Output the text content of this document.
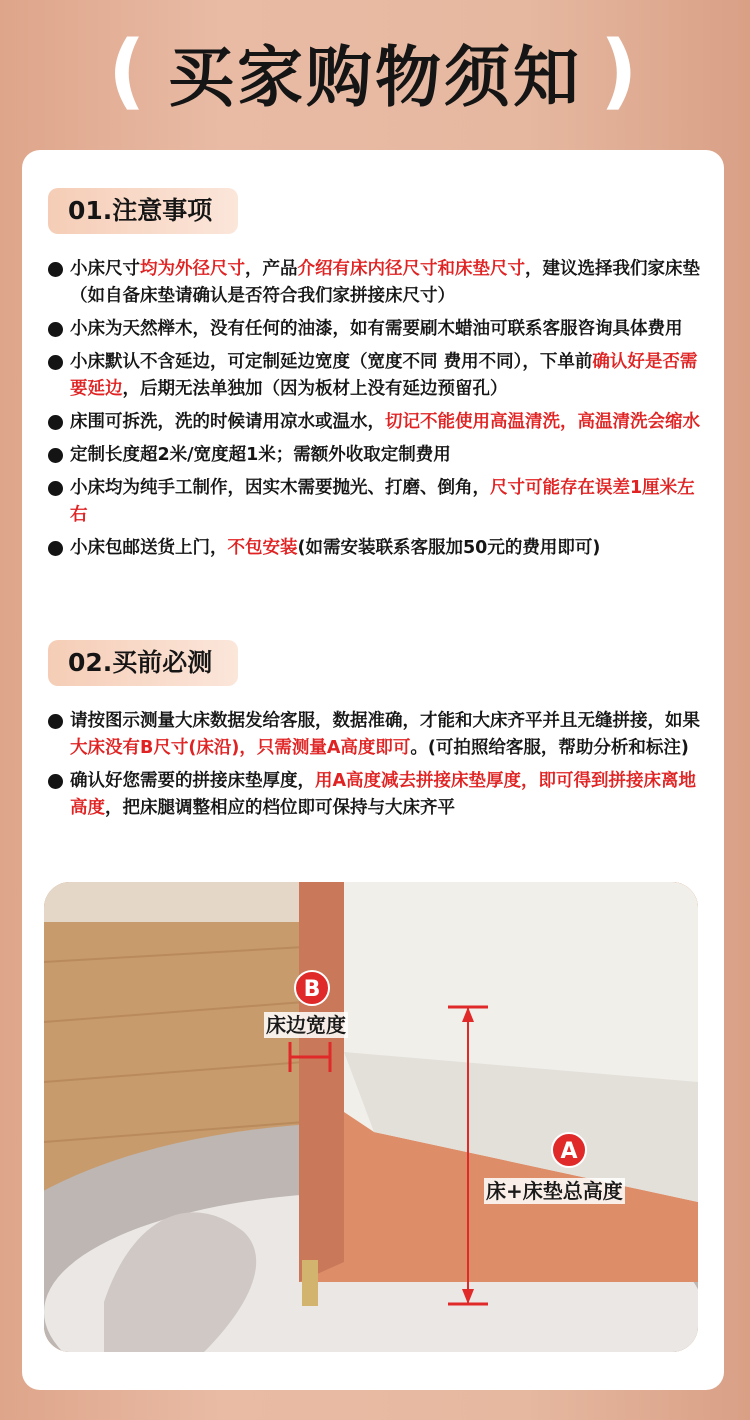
( 买家购物须知 )
01.注意事项
小床尺寸均为外径尺寸，产品介绍有床内径尺寸和床垫尺寸，建议选择我们家床垫（如自备床垫请确认是否符合我们家拼接床尺寸）
小床为天然榉木，没有任何的油漆，如有需要刷木蜡油可联系客服咨询具体费用
小床默认不含延边，可定制延边宽度（宽度不同 费用不同），下单前确认好是否需要延边，后期无法单独加（因为板材上没有延边预留孔）
床围可拆洗，洗的时候请用凉水或温水，切记不能使用高温清洗，高温清洗会缩水
定制长度超2米/宽度超1米；需额外收取定制费用
小床均为纯手工制作，因实木需要抛光、打磨、倒角，尺寸可能存在误差1厘米左右
小床包邮送货上门，不包安装(如需安装联系客服加50元的费用即可)
02.买前必测
请按图示测量大床数据发给客服，数据准确，才能和大床齐平并且无缝拼接，如果大床没有B尺寸(床沿)，只需测量A高度即可。(可拍照给客服，帮助分析和标注)
确认好您需要的拼接床垫厚度，用A高度减去拼接床垫厚度，即可得到拼接床离地高度，把床腿调整相应的档位即可保持与大床齐平
B
床边宽度
A
床+床垫总高度
